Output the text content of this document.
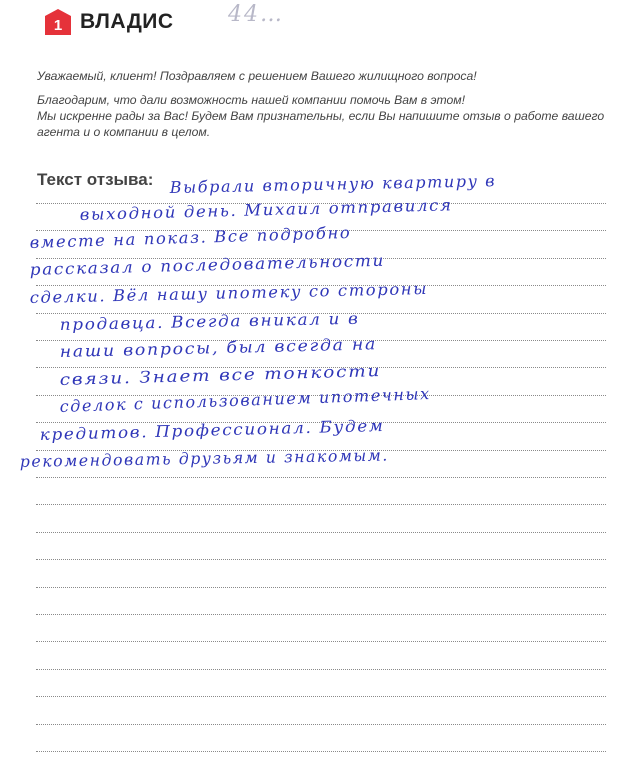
1 ВЛАДИС 44…

Уважаемый, клиент! Поздравляем с решением Вашего жилищного вопроса!

Благодарим, что дали возможность нашей компании помочь Вам в этом!
Мы искренне рады за Вас! Будем Вам признательны, если Вы напишите отзыв о работе вашего агента и о компании в целом.

Текст отзыва: Выбрали вторичную квартиру в
выходной день. Михаил отправился
вместе на показ. Все подробно
рассказал о последовательности
сделки. Вёл нашу ипотеку со стороны
продавца. Всегда вникал и в
наши вопросы, был всегда на
связи. Знает все тонкости
сделок с использованием ипотечных
кредитов. Профессионал. Будем
рекомендовать друзьям и знакомым.
